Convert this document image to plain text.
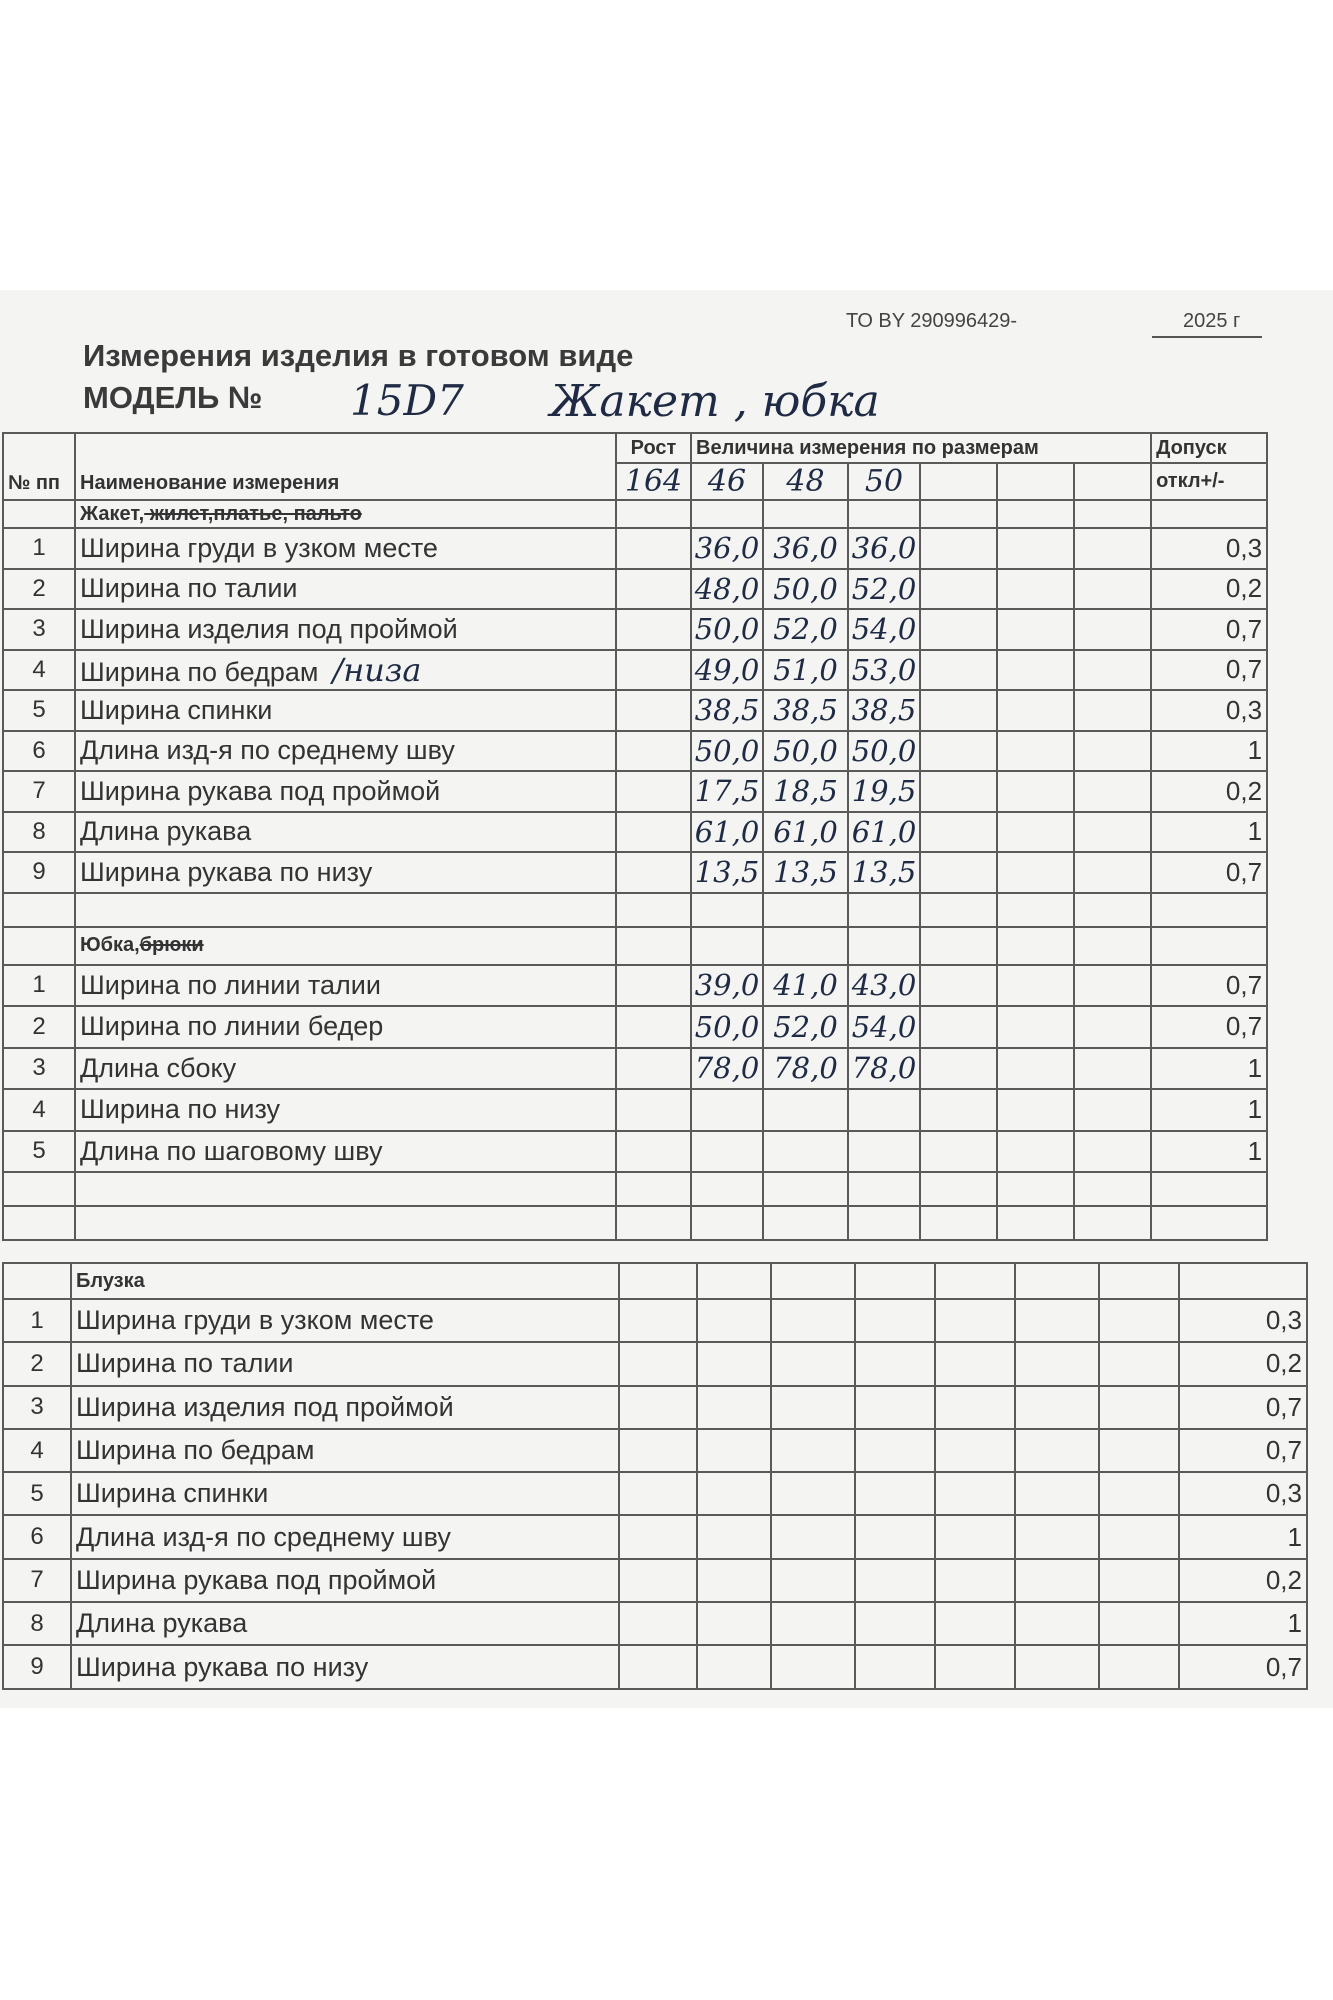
ТО BY 290996429-	2025 г
Измерения изделия в готовом виде
МОДЕЛЬ № 15D7 Жакет , юбка
№ пп	Наименование измерения	Рост	Величина измерения по размерам						Допуск
		164	46	48	50				откл+/-
	Жакет, жилет,платье, пальто								
1	Ширина груди в узком месте		36,0	36,0	36,0				0,3
2	Ширина по талии		48,0	50,0	52,0				0,2
3	Ширина изделия под проймой		50,0	52,0	54,0				0,7
4	Ширина по бедрам /низа		49,0	51,0	53,0				0,7
5	Ширина спинки		38,5	38,5	38,5				0,3
6	Длина изд-я по среднему шву		50,0	50,0	50,0				1
7	Ширина рукава под проймой		17,5	18,5	19,5				0,2
8	Длина рукава		61,0	61,0	61,0				1
9	Ширина рукава по низу		13,5	13,5	13,5				0,7

	Юбка,брюки								
1	Ширина по линии талии		39,0	41,0	43,0				0,7
2	Ширина по линии бедер		50,0	52,0	54,0				0,7
3	Длина сбоку		78,0	78,0	78,0				1
4	Ширина по низу								1
5	Длина по шаговому шву								1

	Блузка								
1	Ширина груди в узком месте								0,3
2	Ширина по талии								0,2
3	Ширина изделия под проймой								0,7
4	Ширина по бедрам								0,7
5	Ширина спинки								0,3
6	Длина изд-я по среднему шву								1
7	Ширина рукава под проймой								0,2
8	Длина рукава								1
9	Ширина рукава по низу								0,7
